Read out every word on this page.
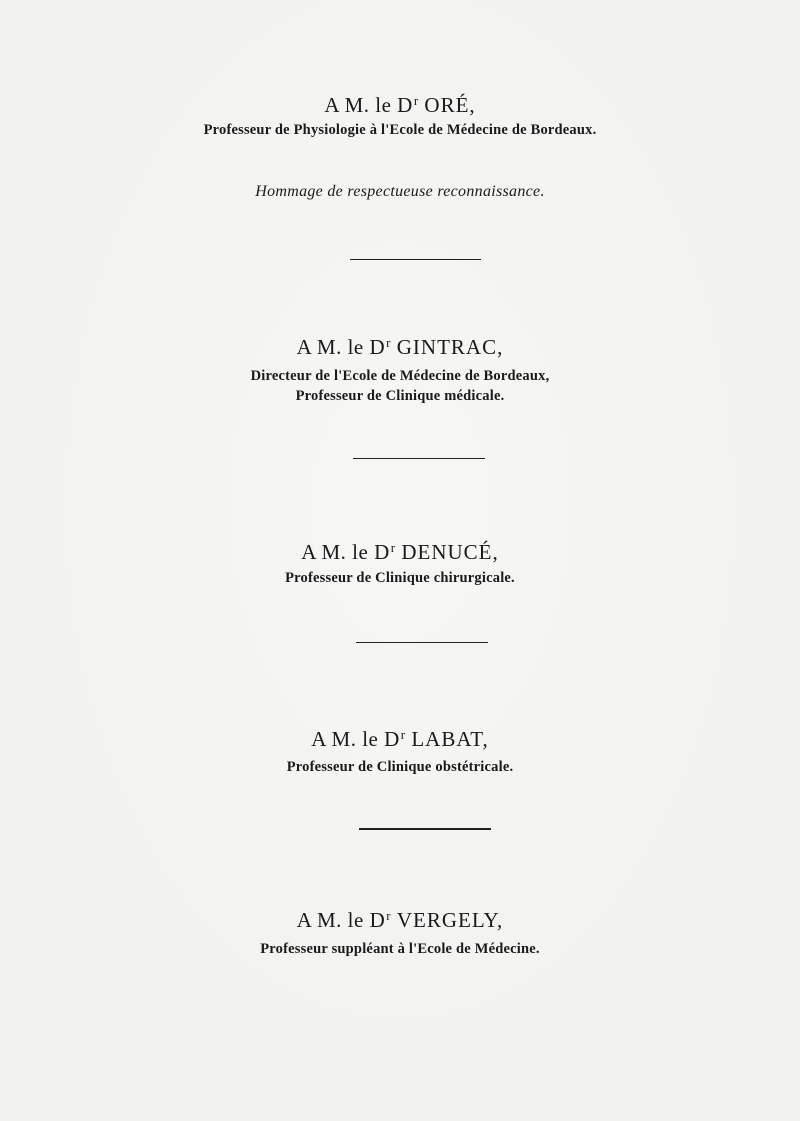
A M. le $D^r$ ORÉ,

Professeur de Physiologie à l'Ecole de Médecine de Bordeaux.

Hommage de respectueuse reconnaissance.

A M. le $D^r$ GINTRAC,

Directeur de l'Ecole de Médecine de Bordeaux,

Professeur de Clinique médicale.

A M. le $D^r$ DENUCÉ,

Professeur de Clinique chirurgicale.

A M. le $D^r$ LABAT,

Professeur de Clinique obstétricale.

A M. le $D^r$ VERGELY,

Professeur suppléant à l'Ecole de Médecine.
